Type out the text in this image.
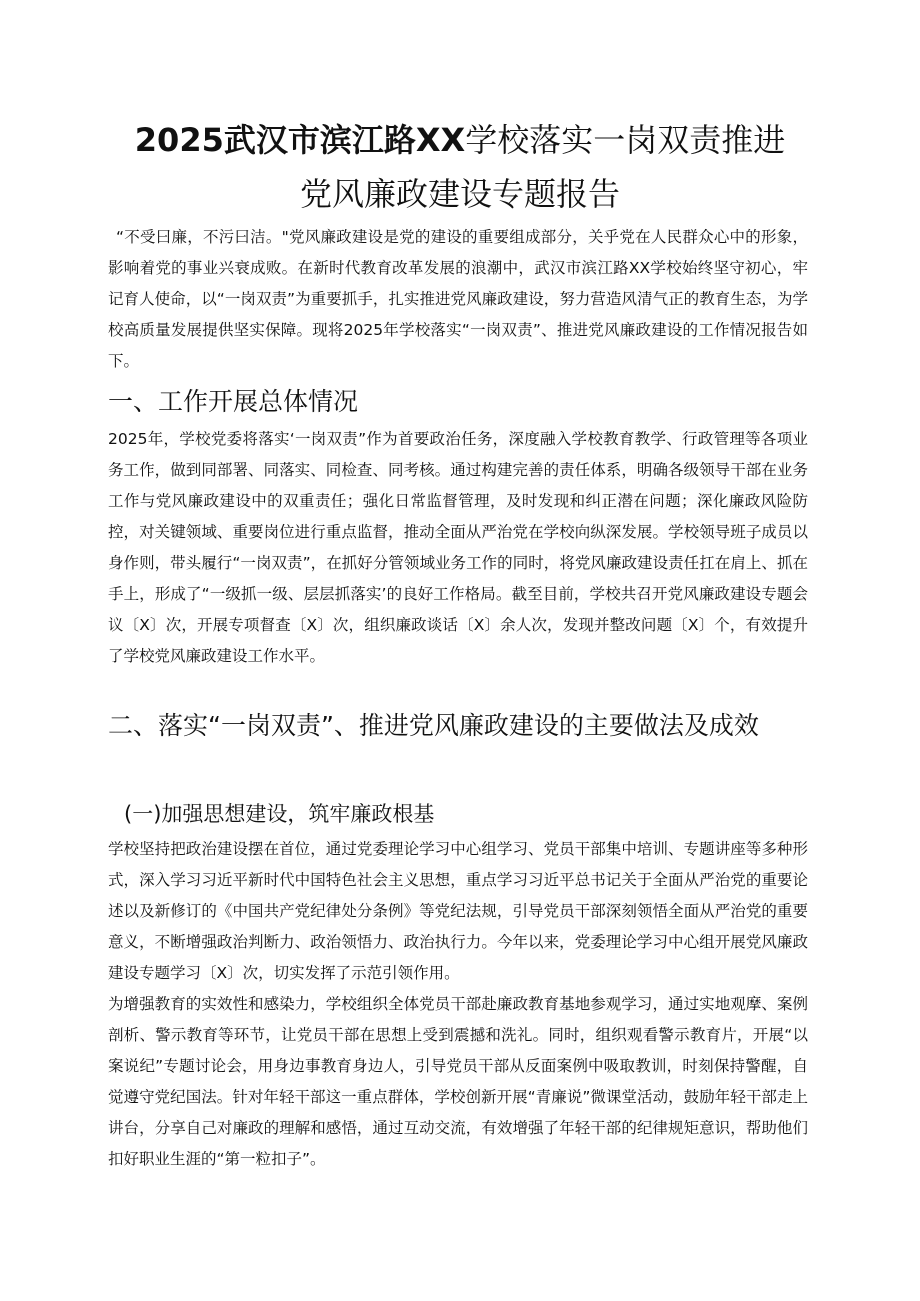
2025武汉市滨江路XX学校落实一岗双责推进
党风廉政建设专题报告

“不受曰廉，不污曰洁。"党风廉政建设是党的建设的重要组成部分，关乎党在人民群众心中的形象，影响着党的事业兴衰成败。在新时代教育改革发展的浪潮中，武汉市滨江路XX学校始终坚守初心，牢记育人使命，以“一岗双责”为重要抓手，扎实推进党风廉政建设，努力营造风清气正的教育生态，为学校高质量发展提供坚实保障。现将2025年学校落实“一岗双责”、推进党风廉政建设的工作情况报告如下。

一、工作开展总体情况

2025年，学校党委将落实‘一岗双责”作为首要政治任务，深度融入学校教育教学、行政管理等各项业务工作，做到同部署、同落实、同检查、同考核。通过构建完善的责任体系，明确各级领导干部在业务工作与党风廉政建设中的双重责任；强化日常监督管理，及时发现和纠正潜在问题；深化廉政风险防控，对关键领域、重要岗位进行重点监督，推动全面从严治党在学校向纵深发展。学校领导班子成员以身作则，带头履行“一岗双责”，在抓好分管领域业务工作的同时，将党风廉政建设责任扛在肩上、抓在手上，形成了“一级抓一级、层层抓落实’的良好工作格局。截至目前，学校共召开党风廉政建设专题会议〔X〕次，开展专项督查〔X〕次，组织廉政谈话〔X〕余人次，发现并整改问题〔X〕个，有效提升了学校党风廉政建设工作水平。

二、落实“一岗双责”、推进党风廉政建设的主要做法及成效
(一)加强思想建设，筑牢廉政根基

学校坚持把政治建设摆在首位，通过党委理论学习中心组学习、党员干部集中培训、专题讲座等多种形式，深入学习习近平新时代中国特色社会主义思想，重点学习习近平总书记关于全面从严治党的重要论述以及新修订的《中国共产党纪律处分条例》等党纪法规，引导党员干部深刻领悟全面从严治党的重要意义，不断增强政治判断力、政治领悟力、政治执行力。今年以来，党委理论学习中心组开展党风廉政建设专题学习〔X〕次，切实发挥了示范引领作用。

为增强教育的实效性和感染力，学校组织全体党员干部赴廉政教育基地参观学习，通过实地观摩、案例剖析、警示教育等环节，让党员干部在思想上受到震撼和洗礼。同时，组织观看警示教育片，开展“以案说纪”专题讨论会，用身边事教育身边人，引导党员干部从反面案例中吸取教训，时刻保持警醒，自觉遵守党纪国法。针对年轻干部这一重点群体，学校创新开展“青廉说”微课堂活动，鼓励年轻干部走上讲台，分享自己对廉政的理解和感悟，通过互动交流，有效增强了年轻干部的纪律规矩意识，帮助他们扣好职业生涯的“第一粒扣子”。
